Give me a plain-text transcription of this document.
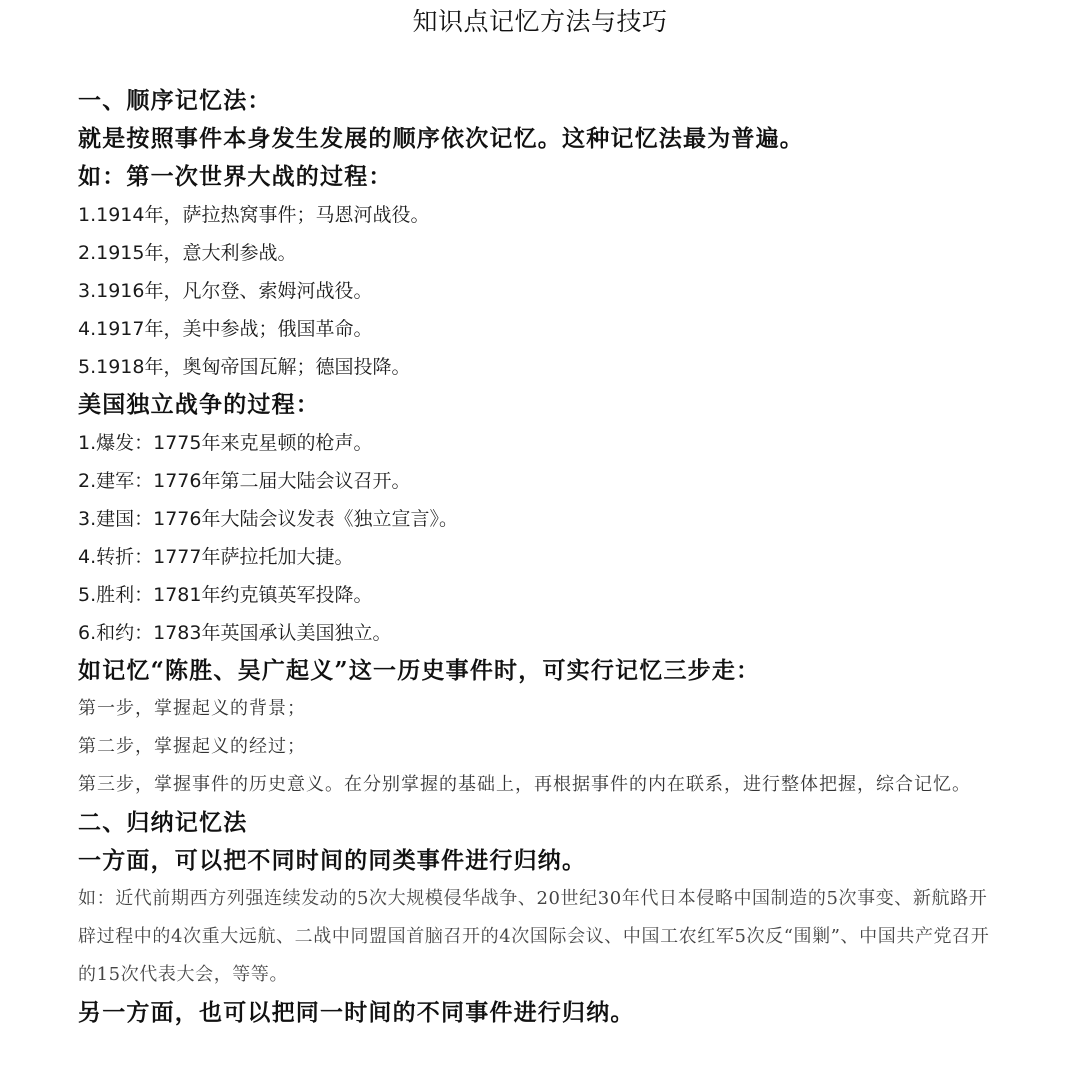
知识点记忆方法与技巧

一、顺序记忆法：

就是按照事件本身发生发展的顺序依次记忆。这种记忆法最为普遍。

如：第一次世界大战的过程：

1.1914年，萨拉热窝事件；马恩河战役。

2.1915年，意大利参战。

3.1916年，凡尔登、索姆河战役。

4.1917年，美中参战；俄国革命。

5.1918年，奥匈帝国瓦解；德国投降。

美国独立战争的过程：

1.爆发：1775年来克星顿的枪声。

2.建军：1776年第二届大陆会议召开。

3.建国：1776年大陆会议发表《独立宣言》。

4.转折：1777年萨拉托加大捷。

5.胜利：1781年约克镇英军投降。

6.和约：1783年英国承认美国独立。

如记忆“陈胜、吴广起义”这一历史事件时，可实行记忆三步走：

第一步，掌握起义的背景；

第二步，掌握起义的经过；

第三步，掌握事件的历史意义。在分别掌握的基础上，再根据事件的内在联系，进行整体把握，综合记忆。

二、归纳记忆法

一方面，可以把不同时间的同类事件进行归纳。

如：近代前期西方列强连续发动的5次大规模侵华战争、20世纪30年代日本侵略中国制造的5次事变、新航路开辟过程中的4次重大远航、二战中同盟国首脑召开的4次国际会议、中国工农红军5次反“围剿”、中国共产党召开的15次代表大会，等等。

另一方面，也可以把同一时间的不同事件进行归纳。
